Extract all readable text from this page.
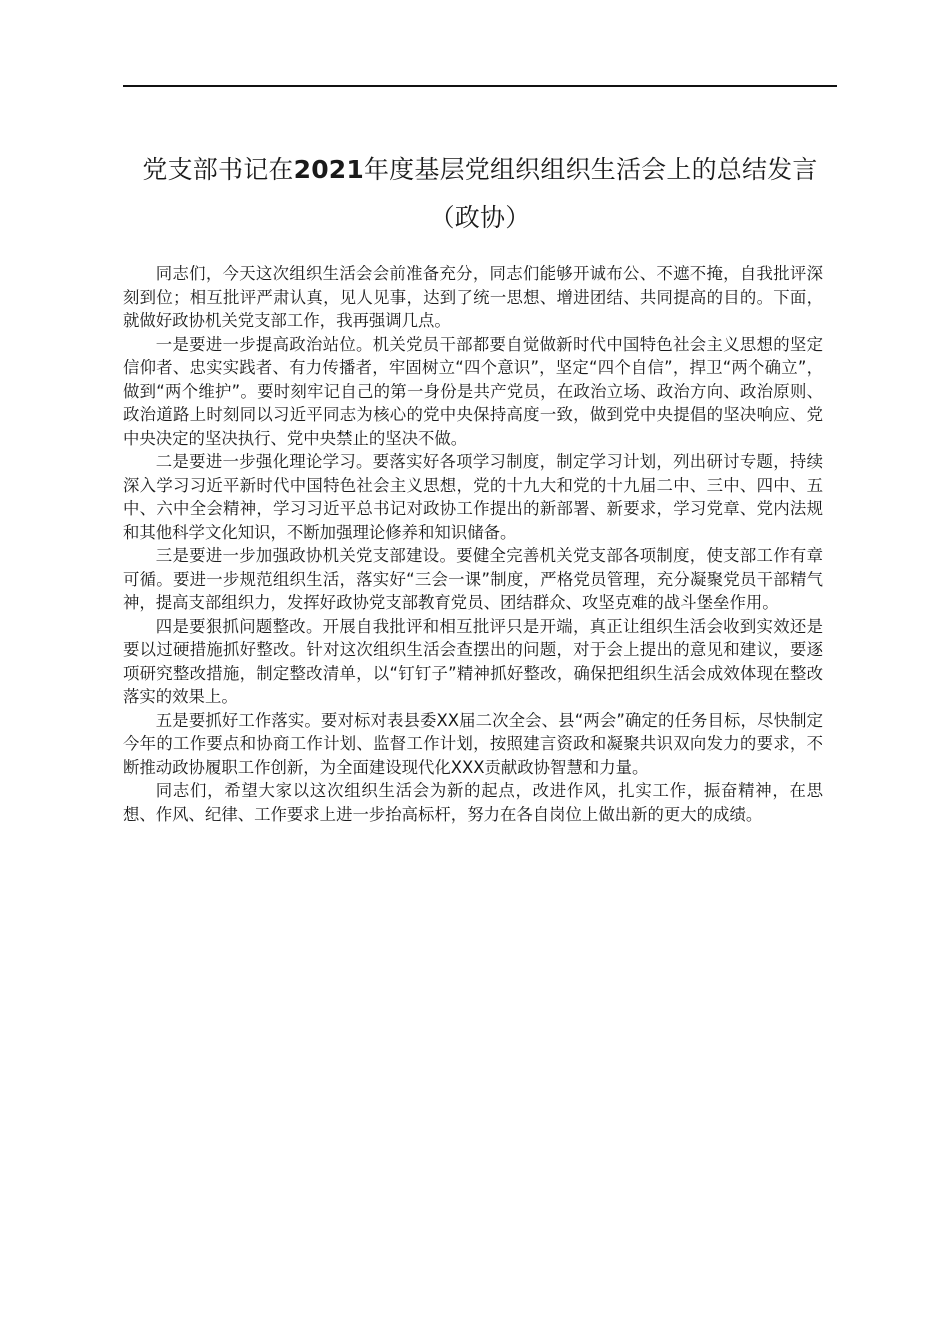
党支部书记在2021年度基层党组织组织生活会上的总结发言（政协）

同志们，今天这次组织生活会会前准备充分，同志们能够开诚布公、不遮不掩，自我批评深刻到位；相互批评严肃认真，见人见事，达到了统一思想、增进团结、共同提高的目的。下面，就做好政协机关党支部工作，我再强调几点。

一是要进一步提高政治站位。机关党员干部都要自觉做新时代中国特色社会主义思想的坚定信仰者、忠实实践者、有力传播者，牢固树立“四个意识”，坚定“四个自信”，捍卫“两个确立”，做到“两个维护”。要时刻牢记自己的第一身份是共产党员，在政治立场、政治方向、政治原则、政治道路上时刻同以习近平同志为核心的党中央保持高度一致，做到党中央提倡的坚决响应、党中央决定的坚决执行、党中央禁止的坚决不做。

二是要进一步强化理论学习。要落实好各项学习制度，制定学习计划，列出研讨专题，持续深入学习习近平新时代中国特色社会主义思想，党的十九大和党的十九届二中、三中、四中、五中、六中全会精神，学习习近平总书记对政协工作提出的新部署、新要求，学习党章、党内法规和其他科学文化知识，不断加强理论修养和知识储备。

三是要进一步加强政协机关党支部建设。要健全完善机关党支部各项制度，使支部工作有章可循。要进一步规范组织生活，落实好“三会一课”制度，严格党员管理，充分凝聚党员干部精气神，提高支部组织力，发挥好政协党支部教育党员、团结群众、攻坚克难的战斗堡垒作用。

四是要狠抓问题整改。开展自我批评和相互批评只是开端，真正让组织生活会收到实效还是要以过硬措施抓好整改。针对这次组织生活会查摆出的问题，对于会上提出的意见和建议，要逐项研究整改措施，制定整改清单，以“钉钉子”精神抓好整改，确保把组织生活会成效体现在整改落实的效果上。

五是要抓好工作落实。要对标对表县委XX届二次全会、县“两会”确定的任务目标，尽快制定今年的工作要点和协商工作计划、监督工作计划，按照建言资政和凝聚共识双向发力的要求，不断推动政协履职工作创新，为全面建设现代化XXX贡献政协智慧和力量。

同志们，希望大家以这次组织生活会为新的起点，改进作风，扎实工作，振奋精神，在思想、作风、纪律、工作要求上进一步抬高标杆，努力在各自岗位上做出新的更大的成绩。
